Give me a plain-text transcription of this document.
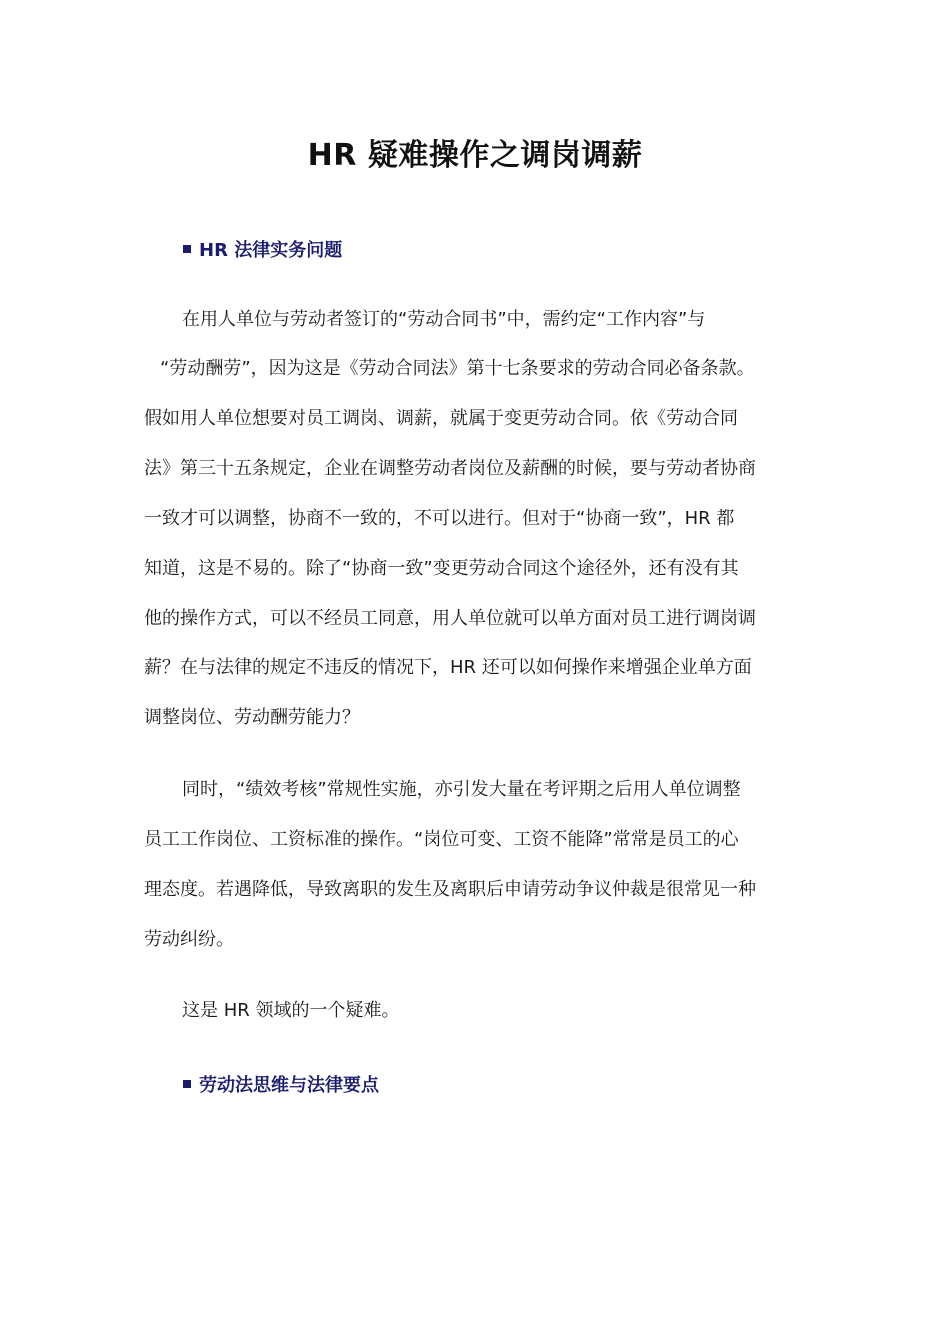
HR 疑难操作之调岗调薪
HR 法律实务问题
在用人单位与劳动者签订的“劳动合同书”中，需约定“工作内容”与
“劳动酬劳”，因为这是《劳动合同法》第十七条要求的劳动合同必备条款。
假如用人单位想要对员工调岗、调薪，就属于变更劳动合同。依《劳动合同
法》第三十五条规定，企业在调整劳动者岗位及薪酬的时候，要与劳动者协商
一致才可以调整，协商不一致的，不可以进行。但对于“协商一致”，HR 都
知道，这是不易的。除了“协商一致”变更劳动合同这个途径外，还有没有其
他的操作方式，可以不经员工同意，用人单位就可以单方面对员工进行调岗调
薪？在与法律的规定不违反的情况下，HR 还可以如何操作来增强企业单方面
调整岗位、劳动酬劳能力？
同时，“绩效考核”常规性实施，亦引发大量在考评期之后用人单位调整
员工工作岗位、工资标准的操作。“岗位可变、工资不能降”常常是员工的心
理态度。若遇降低，导致离职的发生及离职后申请劳动争议仲裁是很常见一种
劳动纠纷。
这是 HR 领域的一个疑难。
劳动法思维与法律要点
